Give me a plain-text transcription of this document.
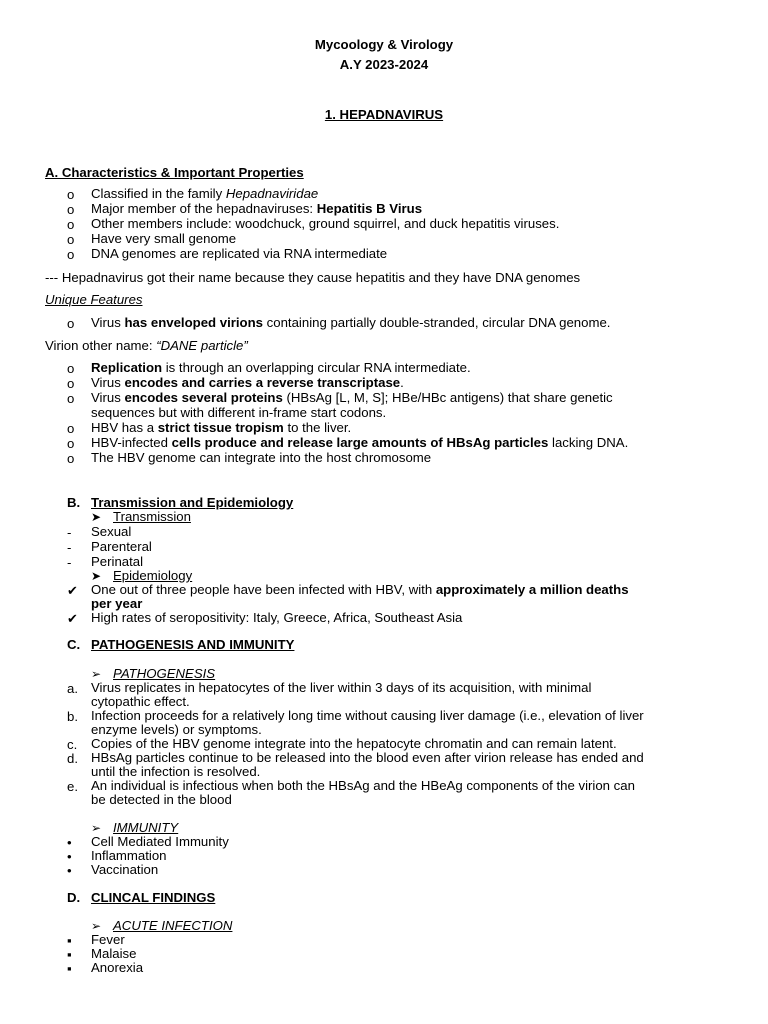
Mycoology & Virology
A.Y 2023-2024
1. HEPADNAVIRUS
A. Characteristics & Important Properties
o	Classified in the family Hepadnaviridae
o	Major member of the hepadnaviruses: Hepatitis B Virus
o	Other members include: woodchuck, ground squirrel, and duck hepatitis viruses.
o	Have very small genome
o	DNA genomes are replicated via RNA intermediate
--- Hepadnavirus got their name because they cause hepatitis and they have DNA genomes
Unique Features
o	Virus has enveloped virions containing partially double-stranded, circular DNA genome.
Virion other name: “DANE particle”
o	Replication is through an overlapping circular RNA intermediate.
o	Virus encodes and carries a reverse transcriptase.
o	Virus encodes several proteins (HBsAg [L, M, S]; HBe/HBc antigens) that share genetic
sequences but with different in-frame start codons.
o	HBV has a strict tissue tropism to the liver.
o	HBV-infected cells produce and release large amounts of HBsAg particles lacking DNA.
o	The HBV genome can integrate into the host chromosome
B. Transmission and Epidemiology
➤ Transmission
-	Sexual
-	Parenteral
-	Perinatal
➤ Epidemiology
✔ One out of three people have been infected with HBV, with approximately a million deaths
per year
✔ High rates of seropositivity: Italy, Greece, Africa, Southeast Asia
C. PATHOGENESIS AND IMMUNITY
➢ PATHOGENESIS
a. Virus replicates in hepatocytes of the liver within 3 days of its acquisition, with minimal
cytopathic effect.
b. Infection proceeds for a relatively long time without causing liver damage (i.e., elevation of liver
enzyme levels) or symptoms.
c. Copies of the HBV genome integrate into the hepatocyte chromatin and can remain latent.
d. HBsAg particles continue to be released into the blood even after virion release has ended and
until the infection is resolved.
e. An individual is infectious when both the HBsAg and the HBeAg components of the virion can
be detected in the blood
➢ IMMUNITY
•	Cell Mediated Immunity
•	Inflammation
•	Vaccination
D. CLINCAL FINDINGS
➢ ACUTE INFECTION
▪	Fever
▪	Malaise
▪	Anorexia
